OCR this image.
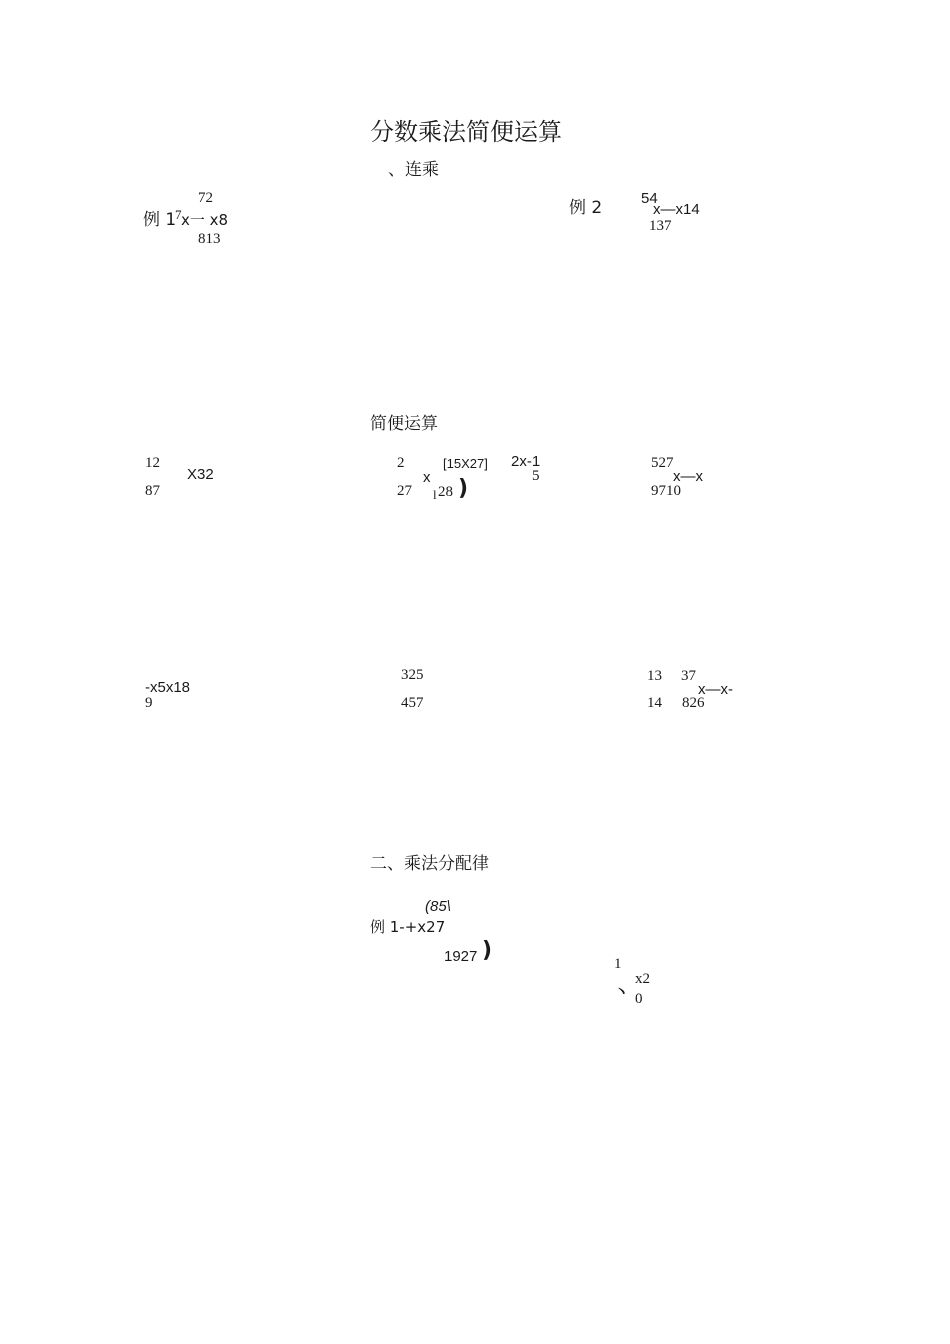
分数乘法简便运算
、连乘
72
例 1
7 x一 x8
813
例 2	54
x—x14
137
简便运算
12
X32
87
2
x
27
[15X27]
l 28 )
2x-1
5
527
x—x
9710
-x5x18
9
325
457
13 37
x—x-
14 826
二、乘法分配律
(85\
例 1-+x27
1927 )
1
x2
丶 0
